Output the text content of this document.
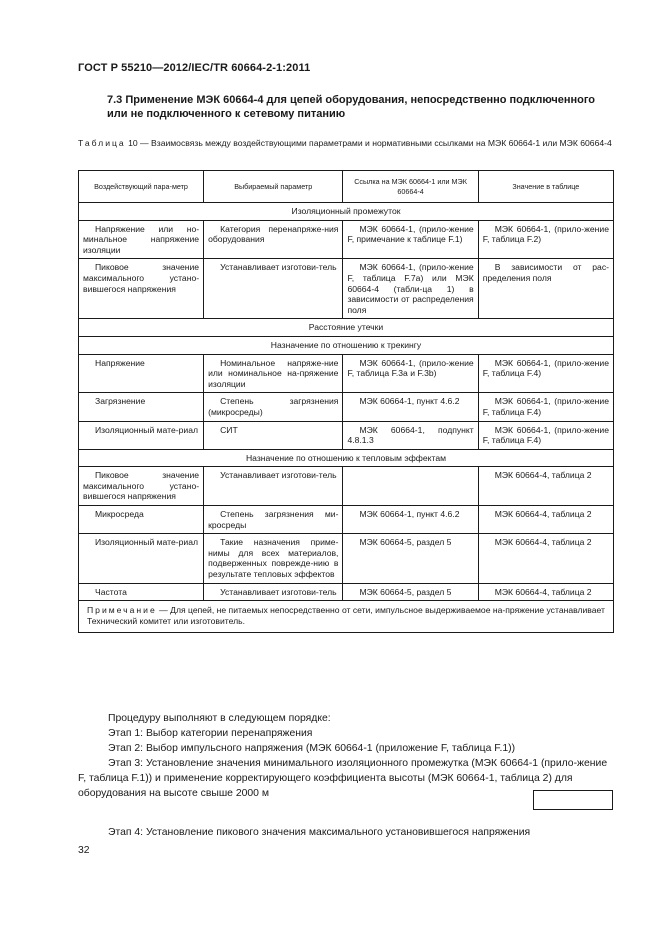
ГОСТ Р 55210—2012/IEC/TR 60664-2-1:2011
7.3 Применение МЭК 60664-4 для цепей оборудования, непосредственно подключенного или не подключенного к сетевому питанию
Таблица 10 — Взаимосвязь между воздействующими параметрами и нормативными ссылками на МЭК 60664-1 или МЭК 60664-4
Воздействующий пара-метр	Выбираемый параметр	Ссылка на МЭК 60664-1 или МЭК 60664-4	Значение в таблице
Изоляционный промежуток			
Напряжение или но-минальное напряжение изоляции	Категория перенапряже-ния оборудования	МЭК 60664-1, (прило-жение F, примечание к таблице F.1)	МЭК 60664-1, (прило-жение F, таблица F.2)
Пиковое значение максимального устано-вившегося напряжения	Устанавливает изготови-тель	МЭК 60664-1, (прило-жение F, таблица F.7a) или МЭК 60664-4 (табли-ца 1) в зависимости от распределения поля	В зависимости от рас-пределения поля
Расстояние утечки			
Назначение по отношению к трекингу			
Напряжение	Номинальное напряже-ние или номинальное на-пряжение изоляции	МЭК 60664-1, (прило-жение F, таблица F.3а и F.3b)	МЭК 60664-1, (прило-жение F, таблица F.4)
Загрязнение	Степень загрязнения (микросреды)	МЭК 60664-1, пункт 4.6.2	МЭК 60664-1, (прило-жение F, таблица F.4)
Изоляционный мате-риал	СИТ	МЭК 60664-1, подпункт 4.8.1.3	МЭК 60664-1, (прило-жение F, таблица F.4)
Назначение по отношению к тепловым эффектам			
Пиковое значение максимального устано-вившегося напряжения	Устанавливает изготови-тель		МЭК 60664-4, таблица 2
Микросреда	Степень загрязнения ми-кросреды	МЭК 60664-1, пункт 4.6.2	МЭК 60664-4, таблица 2
Изоляционный мате-риал	Такие назначения приме-нимы для всех материалов, подверженных поврежде-нию в результате тепловых эффектов	МЭК 60664-5, раздел 5	МЭК 60664-4, таблица 2
Частота	Устанавливает изготови-тель	МЭК 60664-5, раздел 5	МЭК 60664-4, таблица 2
Примечание — Для цепей, не питаемых непосредственно от сети, импульсное выдерживаемое на-пряжение устанавливает Технический комитет или изготовитель.			

Процедуру выполняют в следующем порядке:

Этап 1: Выбор категории перенапряжения

Этап 2: Выбор импульсного напряжения (МЭК 60664-1 (приложение F, таблица F.1))

Этап 3: Установление значения минимального изоляционного промежутка (МЭК 60664-1 (прило-жение F, таблица F.1)) и применение корректирующего коэффициента высоты (МЭК 60664-1, таблица 2) для оборудования на высоте свыше 2000 м

Этап 4: Установление пикового значения максимального установившегося напряжения

32
